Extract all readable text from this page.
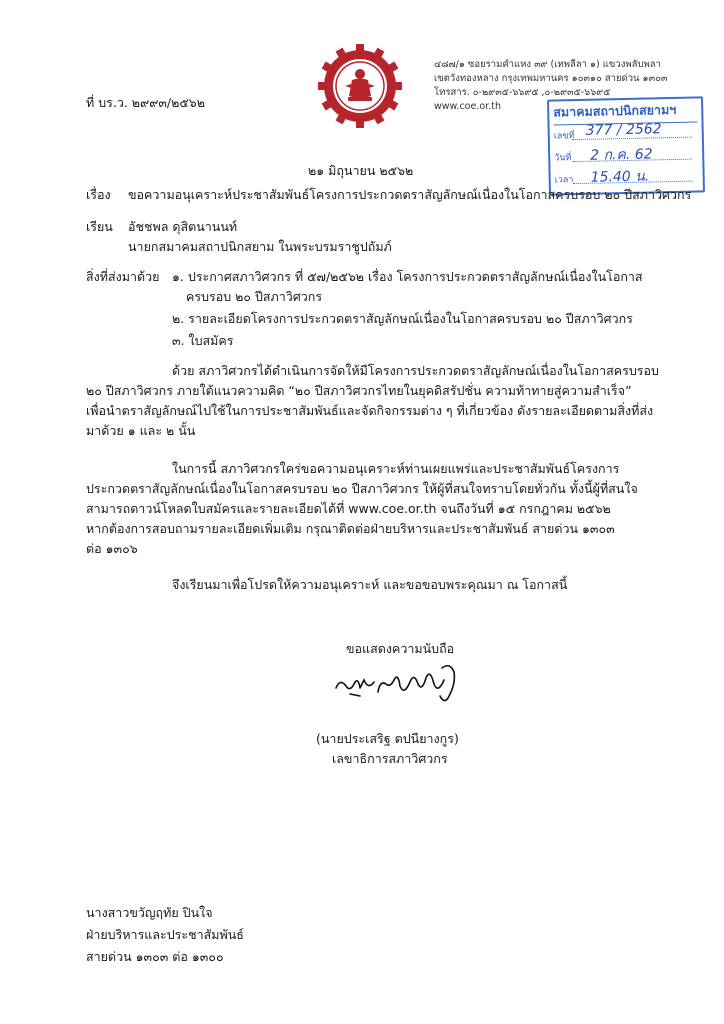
๔๘๗/๑ ซอยรามคำแหง ๓๙ (เทพลีลา ๑) แขวงพลับพลา
เขตวังทองหลาง กรุงเทพมหานคร ๑๐๓๑๐ สายด่วน ๑๓๐๓
โทรสาร. ๐-๒๙๓๕-๖๖๙๕ ,๐-๒๙๓๕-๖๖๙๕
www.coe.or.th
ที่ บร.ว. ๒๙๙๓/๒๕๖๒	สมาคมสถาปนิกสยามฯ
เลขที่ 377 / 2562
วันที่ 2 ก.ค. 62
เวลา 15.40 น.
๒๑ มิถุนายน ๒๕๖๒
เรื่อง ขอความอนุเคราะห์ประชาสัมพันธ์โครงการประกวดตราสัญลักษณ์เนื่องในโอกาสครบรอบ ๒๐ ปีสภาวิศวกร
เรียน อัชชพล ดุสิตนานนท์
นายกสมาคมสถาปนิกสยาม ในพระบรมราชูปถัมภ์
สิ่งที่ส่งมาด้วย ๑. ประกาศสภาวิศวกร ที่ ๕๗/๒๕๖๒ เรื่อง โครงการประกวดตราสัญลักษณ์เนื่องในโอกาส
ครบรอบ ๒๐ ปีสภาวิศวกร
๒. รายละเอียดโครงการประกวดตราสัญลักษณ์เนื่องในโอกาสครบรอบ ๒๐ ปีสภาวิศวกร
๓. ใบสมัคร
ด้วย สภาวิศวกรได้ดำเนินการจัดให้มีโครงการประกวดตราสัญลักษณ์เนื่องในโอกาสครบรอบ
๒๐ ปีสภาวิศวกร ภายใต้แนวความคิด “๒๐ ปีสภาวิศวกรไทยในยุคดิสรัปชั่น ความท้าทายสู่ความสำเร็จ”
เพื่อนำตราสัญลักษณ์ไปใช้ในการประชาสัมพันธ์และจัดกิจกรรมต่าง ๆ ที่เกี่ยวข้อง ดังรายละเอียดตามสิ่งที่ส่ง
มาด้วย ๑ และ ๒ นั้น
ในการนี้ สภาวิศวกรใคร่ขอความอนุเคราะห์ท่านเผยแพร่และประชาสัมพันธ์โครงการ
ประกวดตราสัญลักษณ์เนื่องในโอกาสครบรอบ ๒๐ ปีสภาวิศวกร ให้ผู้ที่สนใจทราบโดยทั่วกัน ทั้งนี้ผู้ที่สนใจ
สามารถดาวน์โหลดใบสมัครและรายละเอียดได้ที่ www.coe.or.th จนถึงวันที่ ๑๕ กรกฎาคม ๒๕๖๒
หากต้องการสอบถามรายละเอียดเพิ่มเติม กรุณาติดต่อฝ่ายบริหารและประชาสัมพันธ์ สายด่วน ๑๓๐๓
ต่อ ๑๓๐๖
จึงเรียนมาเพื่อโปรดให้ความอนุเคราะห์ และขอขอบพระคุณมา ณ โอกาสนี้
ขอแสดงความนับถือ
(นายประเสริฐ ตปนียางกูร)
เลขาธิการสภาวิศวกร
นางสาวขวัญฤทัย ปินใจ
ฝ่ายบริหารและประชาสัมพันธ์
สายด่วน ๑๓๐๓ ต่อ ๑๓๐๐
